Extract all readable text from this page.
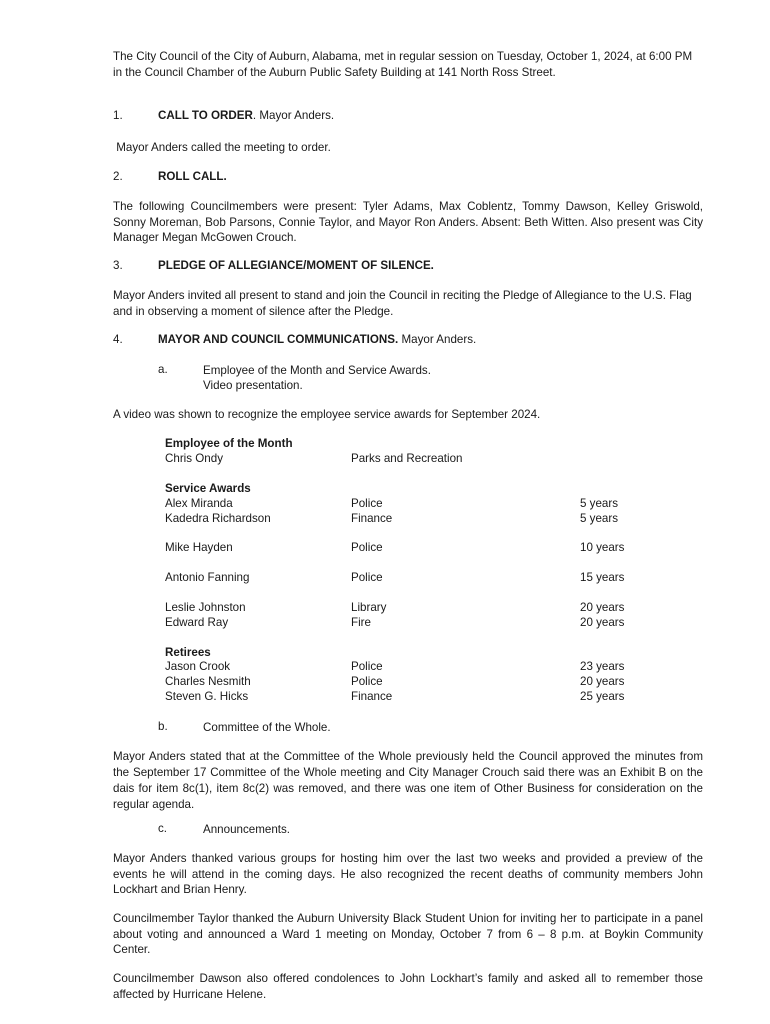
The City Council of the City of Auburn, Alabama, met in regular session on Tuesday, October 1, 2024, at 6:00 PM in the Council Chamber of the Auburn Public Safety Building at 141 North Ross Street.
1.	CALL TO ORDER. Mayor Anders.
Mayor Anders called the meeting to order.
2.	ROLL CALL.
The following Councilmembers were present: Tyler Adams, Max Coblentz, Tommy Dawson, Kelley Griswold, Sonny Moreman, Bob Parsons, Connie Taylor, and Mayor Ron Anders. Absent: Beth Witten. Also present was City Manager Megan McGowen Crouch.
3.	PLEDGE OF ALLEGIANCE/MOMENT OF SILENCE.
Mayor Anders invited all present to stand and join the Council in reciting the Pledge of Allegiance to the U.S. Flag and in observing a moment of silence after the Pledge.
4.	MAYOR AND COUNCIL COMMUNICATIONS. Mayor Anders.
a.	Employee of the Month and Service Awards.
Video presentation.
A video was shown to recognize the employee service awards for September 2024.
Employee of the Month
Chris Ondy	Parks and Recreation
Service Awards
Alex Miranda	Police	5 years
Kadedra Richardson	Finance	5 years
Mike Hayden	Police	10 years
Antonio Fanning	Police	15 years
Leslie Johnston	Library	20 years
Edward Ray	Fire	20 years
Retirees
Jason Crook	Police	23 years
Charles Nesmith	Police	20 years
Steven G. Hicks	Finance	25 years
b.	Committee of the Whole.
Mayor Anders stated that at the Committee of the Whole previously held the Council approved the minutes from the September 17 Committee of the Whole meeting and City Manager Crouch said there was an Exhibit B on the dais for item 8c(1), item 8c(2) was removed, and there was one item of Other Business for consideration on the regular agenda.
c.	Announcements.
Mayor Anders thanked various groups for hosting him over the last two weeks and provided a preview of the events he will attend in the coming days. He also recognized the recent deaths of community members John Lockhart and Brian Henry.
Councilmember Taylor thanked the Auburn University Black Student Union for inviting her to participate in a panel about voting and announced a Ward 1 meeting on Monday, October 7 from 6 – 8 p.m. at Boykin Community Center.
Councilmember Dawson also offered condolences to John Lockhart’s family and asked all to remember those affected by Hurricane Helene.
